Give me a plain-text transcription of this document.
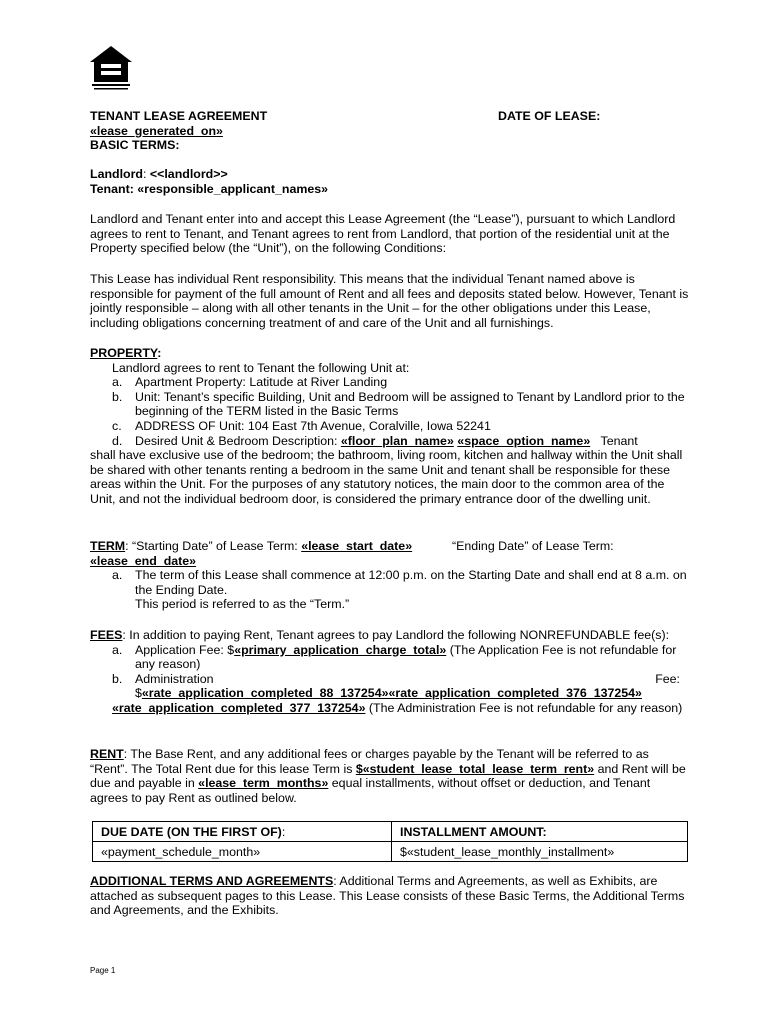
TENANT LEASE AGREEMENT

«lease_generated_on»

BASIC TERMS:

DATE OF LEASE:

Landlord: <<landlord>>

Tenant: «responsible_applicant_names»

Landlord and Tenant enter into and accept this Lease Agreement (the “Lease”), pursuant to which Landlord agrees to rent to Tenant, and Tenant agrees to rent from Landlord, that portion of the residential unit at the Property specified below (the “Unit”), on the following Conditions:
This Lease has individual Rent responsibility. This means that the individual Tenant named above is responsible for payment of the full amount of Rent and all fees and deposits stated below. However, Tenant is jointly responsible – along with all other tenants in the Unit – for the other obligations under this Lease, including obligations concerning treatment of and care of the Unit and all furnishings.

PROPERTY:

Landlord agrees to rent to Tenant the following Unit at:

a. Apartment Property: Latitude at River Landing
b. Unit: Tenant’s specific Building, Unit and Bedroom will be assigned to Tenant by Landlord prior to the beginning of the TERM listed in the Basic Terms
c. ADDRESS OF Unit: 104 East 7th Avenue, Coralville, Iowa 52241
d. Desired Unit & Bedroom Description: «floor_plan_name» «space_option_name» Tenant

shall have exclusive use of the bedroom; the bathroom, living room, kitchen and hallway within the Unit shall be shared with other tenants renting a bedroom in the same Unit and tenant shall be responsible for these areas within the Unit. For the purposes of any statutory notices, the main door to the common area of the Unit, and not the individual bedroom door, is considered the primary entrance door of the dwelling unit.

TERM: “Starting Date” of Lease Term: «lease_start_date»	“Ending Date” of Lease Term:

«lease_end_date»

a. The term of this Lease shall commence at 12:00 p.m. on the Starting Date and shall end at 8 a.m. on the Ending Date.

This period is referred to as the “Term.”

FEES: In addition to paying Rent, Tenant agrees to pay Landlord the following NONREFUNDABLE fee(s):

a. Application Fee: $«primary_application_charge_total» (The Application Fee is not refundable for any reason)
b. Administration	Fee:

$«rate_application_completed_88_137254»«rate_application_completed_376_137254»

«rate_application_completed_377_137254» (The Administration Fee is not refundable for any reason)

RENT: The Base Rent, and any additional fees or charges payable by the Tenant will be referred to as “Rent”. The Total Rent due for this lease Term is $«student_lease_total_lease_term_rent» and Rent will be due and payable in «lease_term_months» equal installments, without offset or deduction, and Tenant agrees to pay Rent as outlined below.
DUE DATE (ON THE FIRST OF):	INSTALLMENT AMOUNT:
«payment_schedule_month»	$«student_lease_monthly_installment»
ADDITIONAL TERMS AND AGREEMENTS: Additional Terms and Agreements, as well as Exhibits, are attached as subsequent pages to this Lease. This Lease consists of these Basic Terms, the Additional Terms and Agreements, and the Exhibits.
Page 1
